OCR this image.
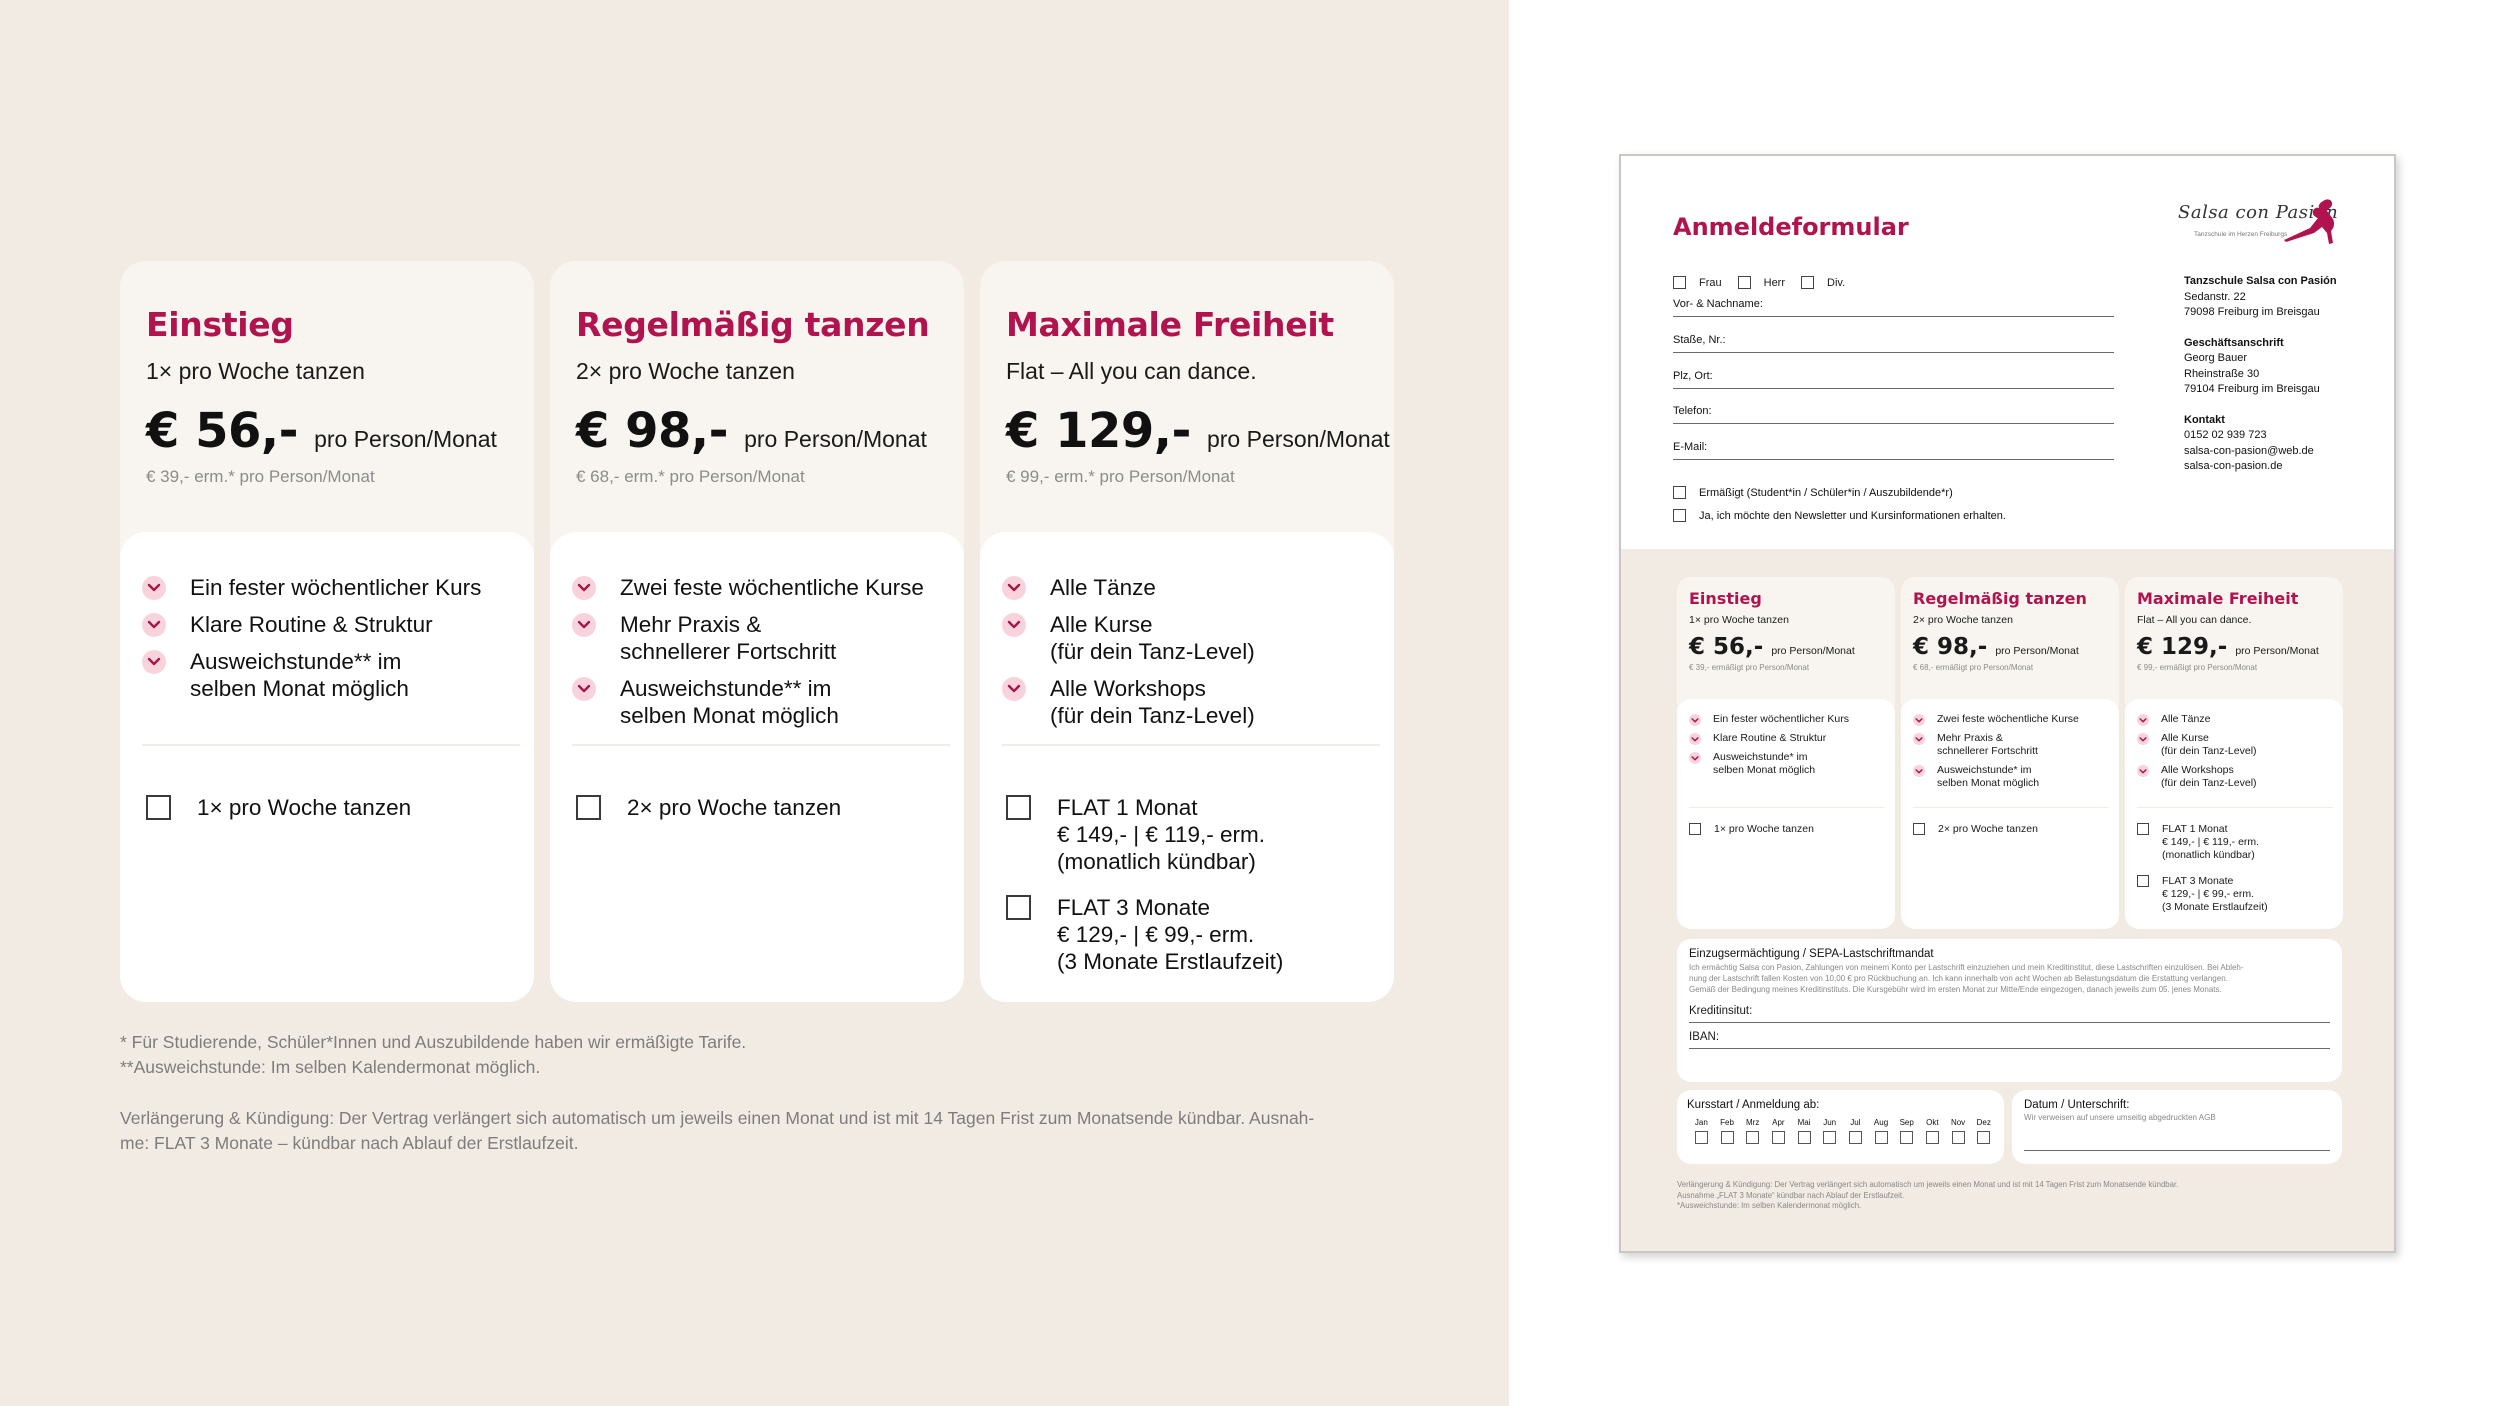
Einstieg
1× pro Woche tanzen
€ 56,- pro Person/Monat
€ 39,- erm.* pro Person/Monat
Ein fester wöchentlicher Kurs
Klare Routine & Struktur
Ausweichstunde** im
selben Monat möglich
1× pro Woche tanzen
Regelmäßig tanzen
2× pro Woche tanzen
€ 98,- pro Person/Monat
€ 68,- erm.* pro Person/Monat
Zwei feste wöchentliche Kurse
Mehr Praxis &
schnellerer Fortschritt
Ausweichstunde** im
selben Monat möglich
2× pro Woche tanzen
Maximale Freiheit
Flat – All you can dance.
€ 129,- pro Person/Monat
€ 99,- erm.* pro Person/Monat
Alle Tänze
Alle Kurse
(für dein Tanz-Level)
Alle Workshops
(für dein Tanz-Level)
FLAT 1 Monat
€ 149,- | € 119,- erm.
(monatlich kündbar)
FLAT 3 Monate
€ 129,- | € 99,- erm.
(3 Monate Erstlaufzeit)

* Für Studierende, Schüler*Innen und Auszubildende haben wir ermäßigte Tarife.

**Ausweichstunde: Im selben Kalendermonat möglich.

Verlängerung & Kündigung: Der Vertrag verlängert sich automatisch um jeweils einen Monat und ist mit 14 Tagen Frist zum Monatsende kündbar. Ausnah-
me: FLAT 3 Monate – kündbar nach Ablauf der Erstlaufzeit.

Anmeldeformular
Frau	Herr	Div.
Vor- & Nachname:
Staße, Nr.:
Plz, Ort:
Telefon:
E-Mail:
Ermäßigt (Student*in / Schüler*in / Auszubildende*r)
Ja, ich möchte den Newsletter und Kursinformationen erhalten.
Salsa con Pasión
Tanzschule im Herzen Freiburgs
Tanzschule Salsa con Pasión
Sedanstr. 22
79098 Freiburg im Breisgau
Geschäftsanschrift
Georg Bauer
Rheinstraße 30
79104 Freiburg im Breisgau
Kontakt
0152 02 939 723
salsa-con-pasion@web.de
salsa-con-pasion.de
Einstieg
1× pro Woche tanzen
€ 56,- pro Person/Monat
€ 39,- ermäßigt pro Person/Monat
Ein fester wöchentlicher Kurs
Klare Routine & Struktur
Ausweichstunde* im
selben Monat möglich
1× pro Woche tanzen
Regelmäßig tanzen
2× pro Woche tanzen
€ 98,- pro Person/Monat
€ 68,- ermäßigt pro Person/Monat
Zwei feste wöchentliche Kurse
Mehr Praxis &
schnellerer Fortschritt
Ausweichstunde* im
selben Monat möglich
2× pro Woche tanzen
Maximale Freiheit
Flat – All you can dance.
€ 129,- pro Person/Monat
€ 99,- ermäßigt pro Person/Monat
Alle Tänze
Alle Kurse
(für dein Tanz-Level)
Alle Workshops
(für dein Tanz-Level)
FLAT 1 Monat
€ 149,- | € 119,- erm.
(monatlich kündbar)
FLAT 3 Monate
€ 129,- | € 99,- erm.
(3 Monate Erstlaufzeit)
Einzugsermächtigung / SEPA-Lastschriftmandat
Ich ermächtig Salsa con Pasion, Zahlungen von meinem Konto per Lastschrift einzuziehen und mein Kreditinstitut, diese Lastschriften einzulösen. Bei Ableh-
nung der Lastschrift fallen Kosten von 10,00 € pro Rückbuchung an. Ich kann innerhalb von acht Wochen ab Belastungsdatum die Erstattung verlangen.
Gemäß der Bedingung meines Kreditinstituts. Die Kursgebühr wird im ersten Monat zur Mitte/Ende eingezogen, danach jeweils zum 05. jenes Monats.
Kreditinsitut:
IBAN:
Kursstart / Anmeldung ab:
Jan Feb Mrz Apr Mai Jun Jul Aug Sep Okt Nov Dez
Datum / Unterschrift:
Wir verweisen auf unsere umseitig abgedruckten AGB
Verlängerung & Kündigung: Der Vertrag verlängert sich automatisch um jeweils einen Monat und ist mit 14 Tagen Frist zum Monatsende kündbar.
Ausnahme „FLAT 3 Monate“ kündbar nach Ablauf der Erstlaufzeit.
*Ausweichstunde: Im selben Kalendermonat möglich.
